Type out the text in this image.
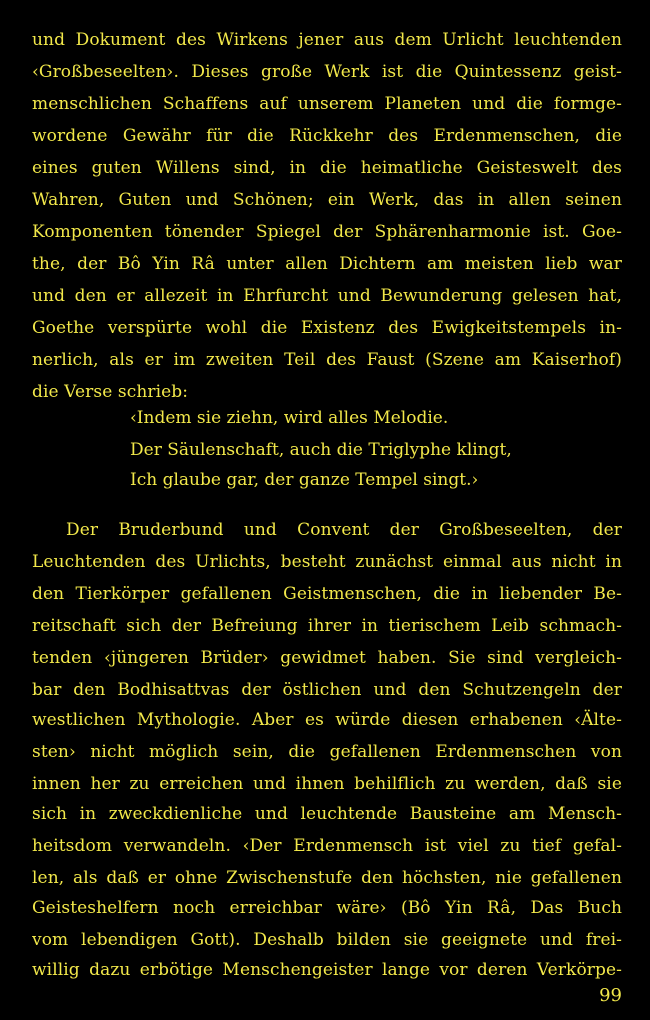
und Dokument des Wirkens jener aus dem Urlicht leuchtenden
‹Großbeseelten›. Dieses große Werk ist die Quintessenz geist-
menschlichen Schaffens auf unserem Planeten und die formge-
wordene Gewähr für die Rückkehr des Erdenmenschen, die
eines guten Willens sind, in die heimatliche Geisteswelt des
Wahren, Guten und Schönen; ein Werk, das in allen seinen
Komponenten tönender Spiegel der Sphärenharmonie ist. Goe-
the, der Bô Yin Râ unter allen Dichtern am meisten lieb war
und den er allezeit in Ehrfurcht und Bewunderung gelesen hat,
Goethe verspürte wohl die Existenz des Ewigkeitstempels in-
nerlich, als er im zweiten Teil des Faust (Szene am Kaiserhof)
die Verse schrieb:
‹Indem sie ziehn, wird alles Melodie.
Der Säulenschaft, auch die Triglyphe klingt,
Ich glaube gar, der ganze Tempel singt.›
Der Bruderbund und Convent der Großbeseelten, der
Leuchtenden des Urlichts, besteht zunächst einmal aus nicht in
den Tierkörper gefallenen Geistmenschen, die in liebender Be-
reitschaft sich der Befreiung ihrer in tierischem Leib schmach-
tenden ‹jüngeren Brüder› gewidmet haben. Sie sind vergleich-
bar den Bodhisattvas der östlichen und den Schutzengeln der
westlichen Mythologie. Aber es würde diesen erhabenen ‹Älte-
sten› nicht möglich sein, die gefallenen Erdenmenschen von
innen her zu erreichen und ihnen behilflich zu werden, daß sie
sich in zweckdienliche und leuchtende Bausteine am Mensch-
heitsdom verwandeln. ‹Der Erdenmensch ist viel zu tief gefal-
len, als daß er ohne Zwischenstufe den höchsten, nie gefallenen
Geisteshelfern noch erreichbar wäre› (Bô Yin Râ, Das Buch
vom lebendigen Gott). Deshalb bilden sie geeignete und frei-
willig dazu erbötige Menschengeister lange vor deren Verkörpe-
99
